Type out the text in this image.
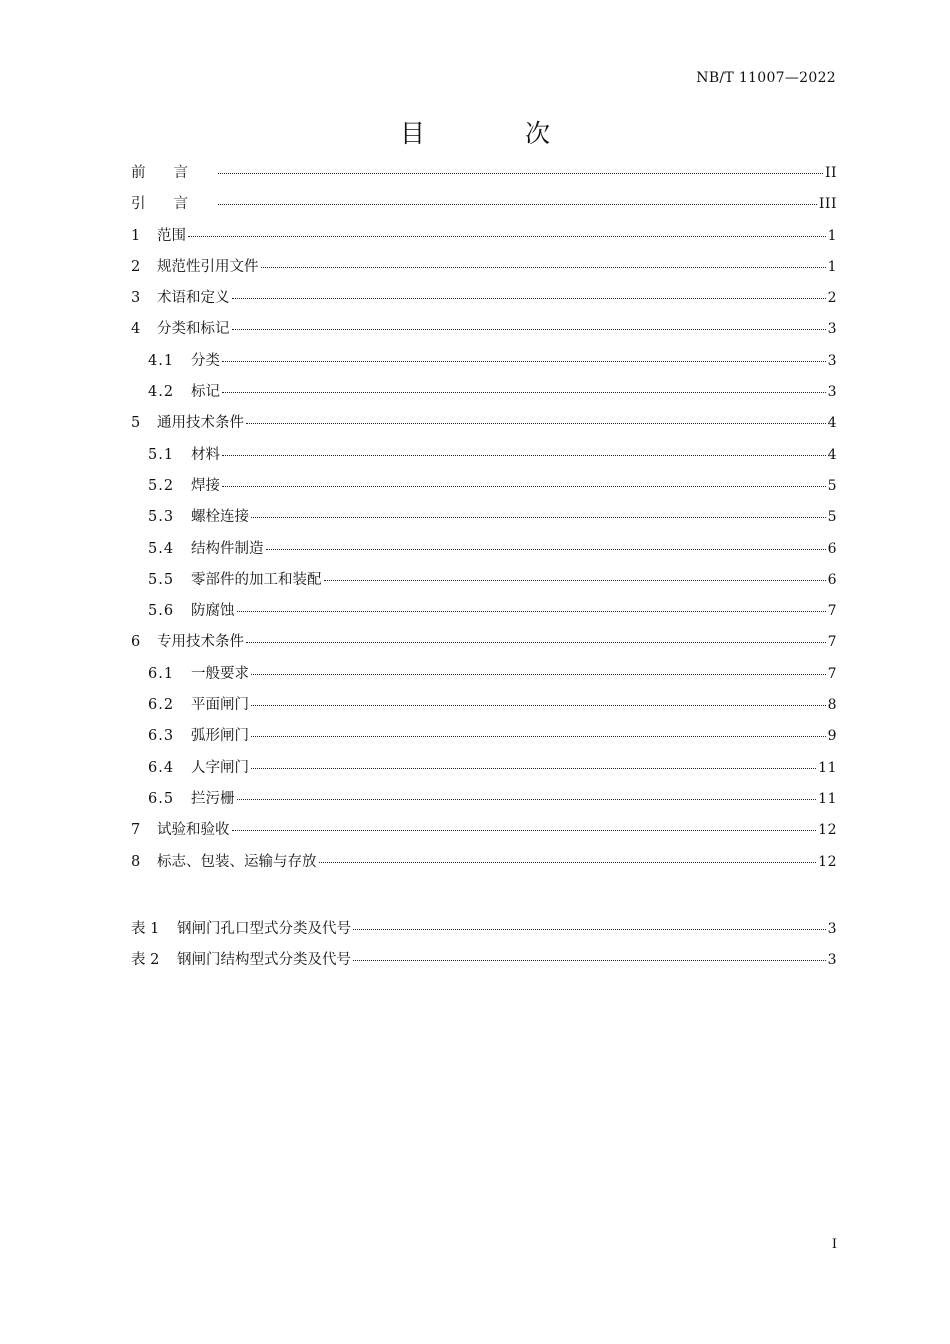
NB/T 11007—2022
目 次
前言	II
引言	III
1	范围	1
2	规范性引用文件	1
3	术语和定义	2
4	分类和标记	3
4.1	分类	3
4.2	标记	3
5	通用技术条件	4
5.1	材料	4
5.2	焊接	5
5.3	螺栓连接	5
5.4	结构件制造	6
5.5	零部件的加工和装配	6
5.6	防腐蚀	7
6	专用技术条件	7
6.1	一般要求	7
6.2	平面闸门	8
6.3	弧形闸门	9
6.4	人字闸门	11
6.5	拦污栅	11
7	试验和验收	12
8	标志、包装、运输与存放	12
表 1	钢闸门孔口型式分类及代号	3
表 2	钢闸门结构型式分类及代号	3
I
